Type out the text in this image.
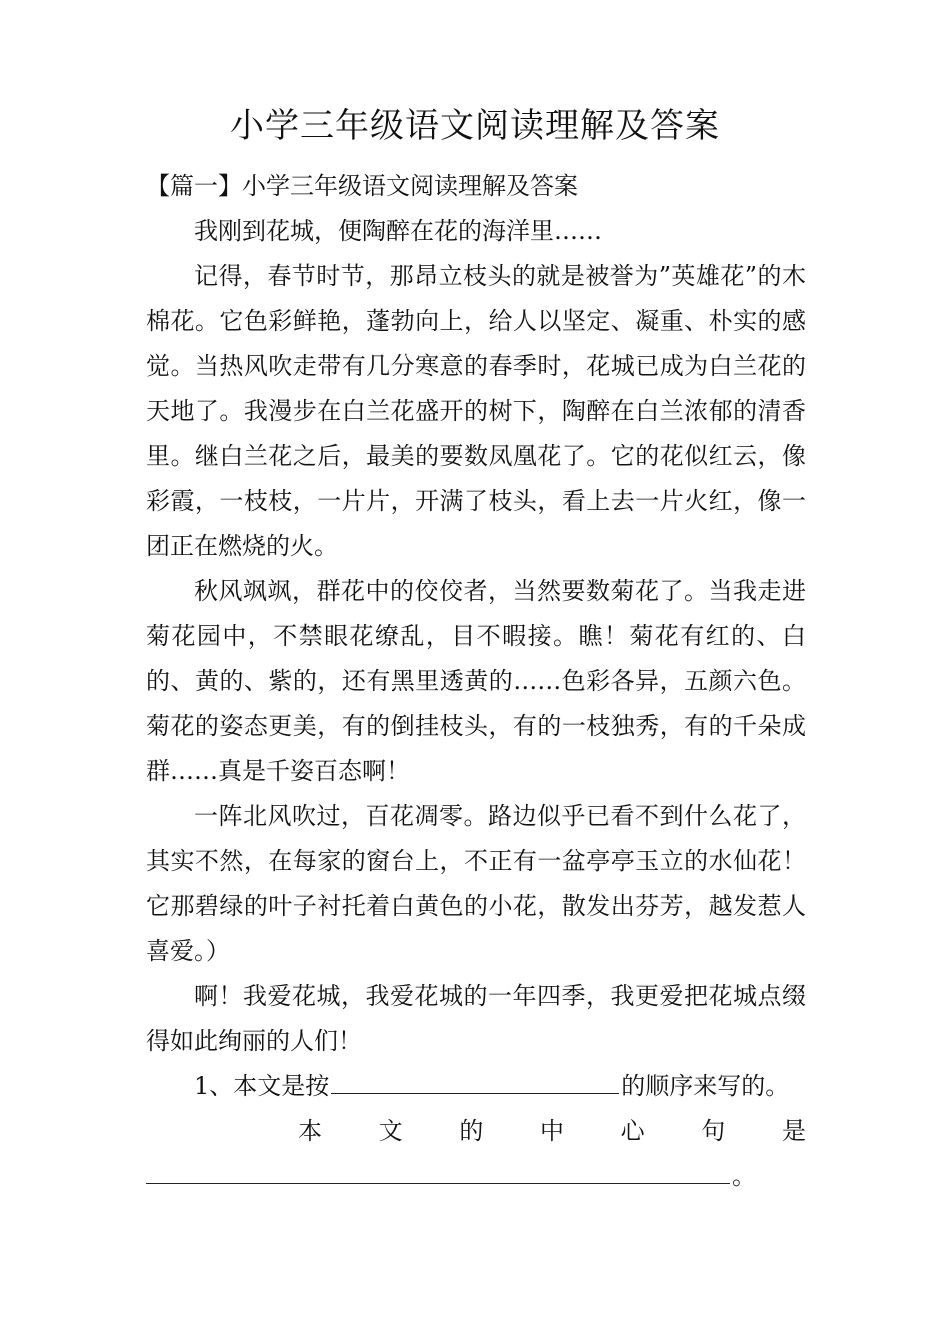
小学三年级语文阅读理解及答案
【篇一】小学三年级语文阅读理解及答案

我刚到花城，便陶醉在花的海洋里……

记得，春节时节，那昂立枝头的就是被誉为”英雄花”的木棉花。它色彩鲜艳，蓬勃向上，给人以坚定、凝重、朴实的感觉。当热风吹走带有几分寒意的春季时，花城已成为白兰花的天地了。我漫步在白兰花盛开的树下，陶醉在白兰浓郁的清香里。继白兰花之后，最美的要数凤凰花了。它的花似红云，像彩霞，一枝枝，一片片，开满了枝头，看上去一片火红，像一团正在燃烧的火。

秋风飒飒，群花中的佼佼者，当然要数菊花了。当我走进菊花园中，不禁眼花缭乱，目不暇接。瞧！菊花有红的、白的、黄的、紫的，还有黑里透黄的……色彩各异，五颜六色。菊花的姿态更美，有的倒挂枝头，有的一枝独秀，有的千朵成群……真是千姿百态啊！

一阵北风吹过，百花凋零。路边似乎已看不到什么花了，其实不然，在每家的窗台上，不正有一盆亭亭玉立的水仙花！它那碧绿的叶子衬托着白黄色的小花，散发出芬芳，越发惹人喜爱。）

啊！我爱花城，我爱花城的一年四季，我更爱把花城点缀得如此绚丽的人们！

1、本文是按	的顺序来写的。

本 文 的 中 心 句 是

。
